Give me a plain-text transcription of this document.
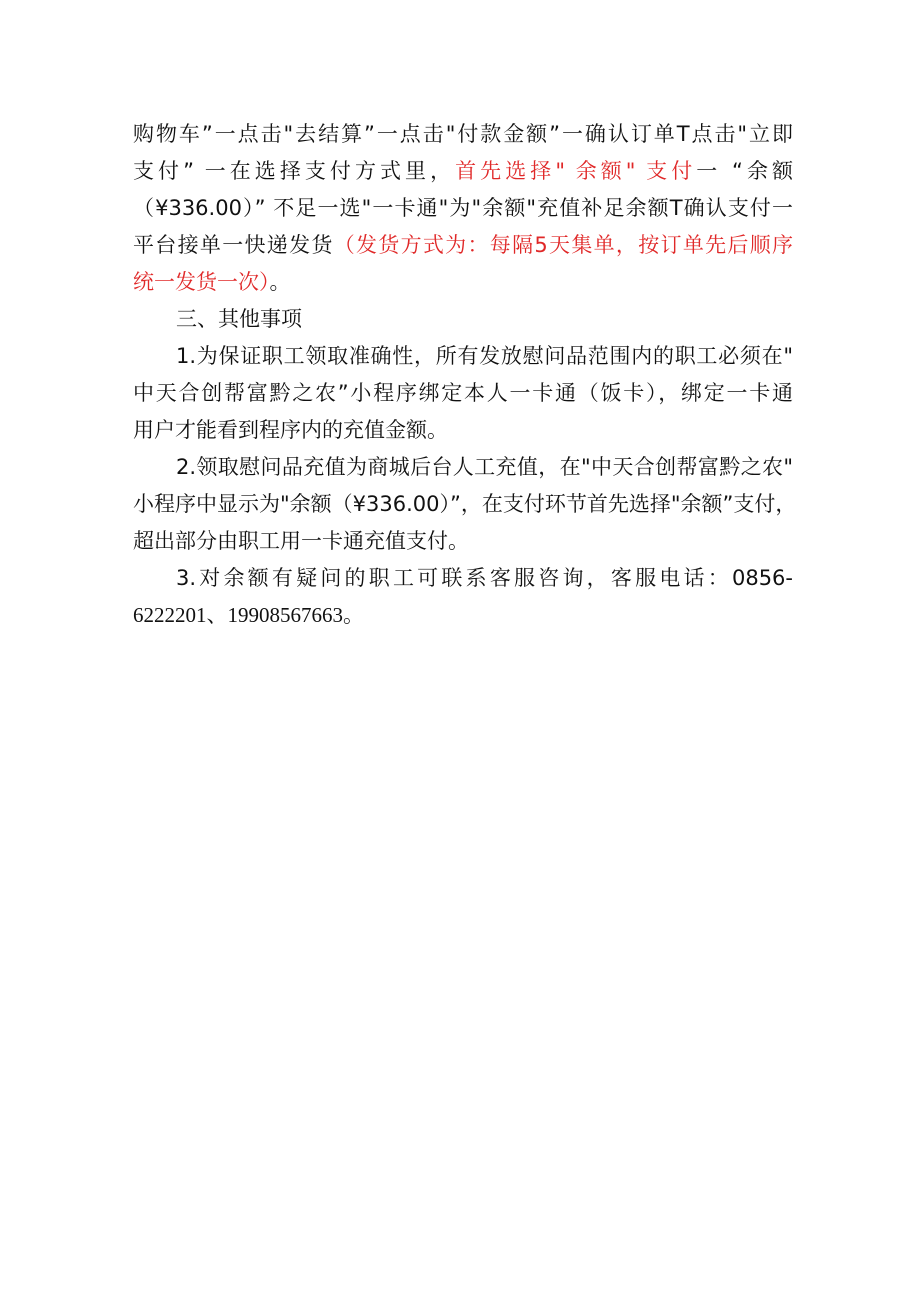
购物车”一点击"去结算”一点击"付款金额”一确认订单T点击"立即
支付” 一在选择支付方式里，首先选择" 余额" 支付一 “余额
（¥336.00）” 不足一选"一卡通"为"余额"充值补足余额T确认支付一
平台接单一快递发货（发货方式为：每隔5天集单，按订单先后顺序
统一发货一次）。
三、其他事项
1.为保证职工领取准确性，所有发放慰问品范围内的职工必须在"
中天合创帮富黔之农”小程序绑定本人一卡通（饭卡），绑定一卡通
用户才能看到程序内的充值金额。
2.领取慰问品充值为商城后台人工充值，在"中天合创帮富黔之农"
小程序中显示为"余额（¥336.00）”，在支付环节首先选择"余额”支付，
超出部分由职工用一卡通充值支付。
3.对余额有疑问的职工可联系客服咨询，客服电话：0856-
6222201、19908567663。
